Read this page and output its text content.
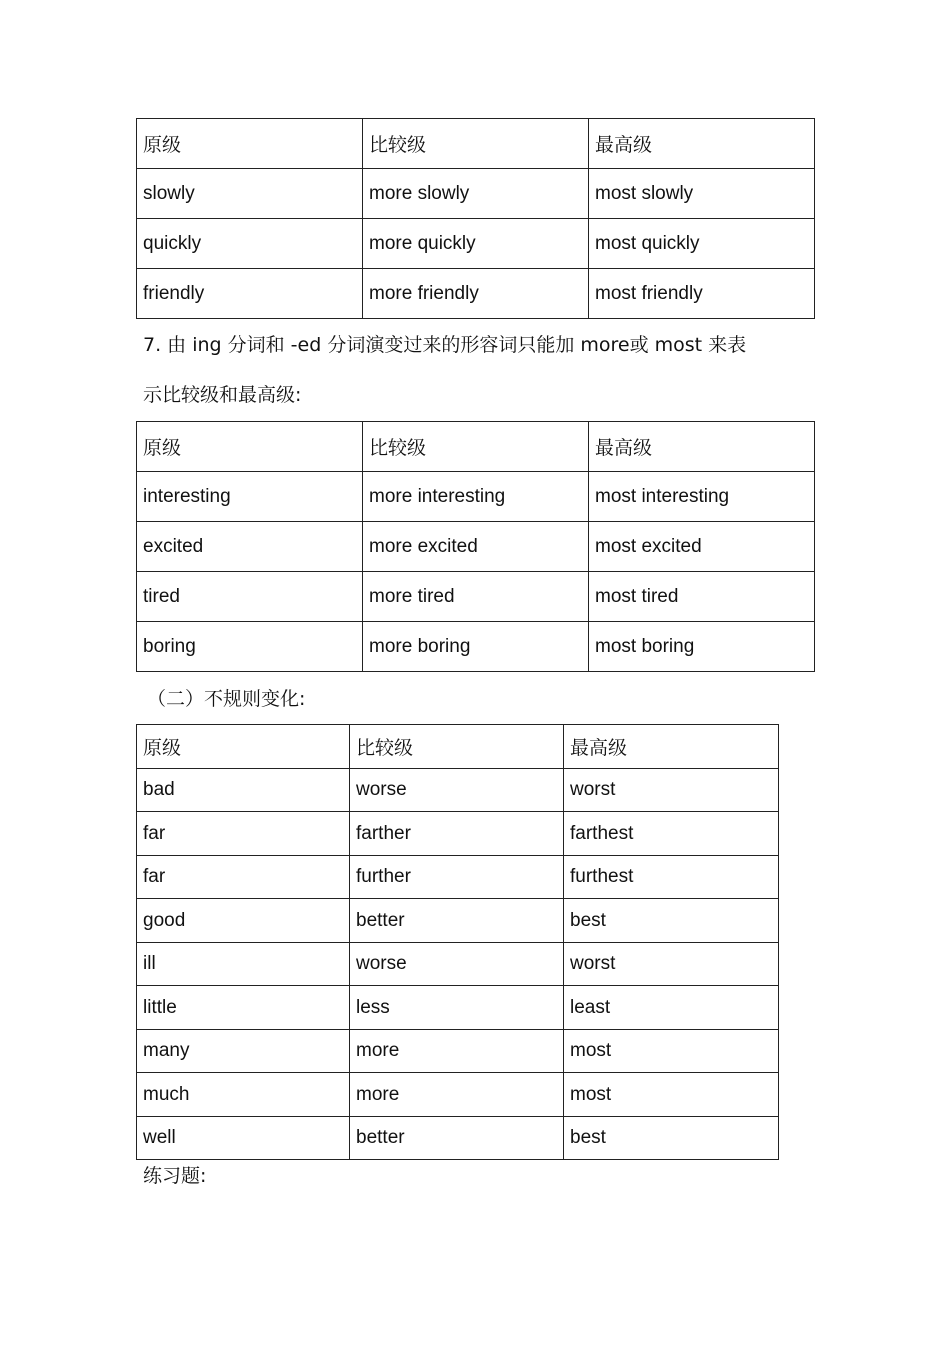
原级	比较级	最高级
slowly	more slowly	most slowly
quickly	more quickly	most quickly
friendly	more friendly	most friendly
7. 由 ing 分词和 -ed 分词演变过来的形容词只能加 more或 most 来表
示比较级和最高级:
原级	比较级	最高级
interesting	more interesting	most interesting
excited	more excited	most excited
tired	more tired	most tired
boring	more boring	most boring
（二）不规则变化:
原级	比较级	最高级
bad	worse	worst
far	farther	farthest
far	further	furthest
good	better	best
ill	worse	worst
little	less	least
many	more	most
much	more	most
well	better	best
练习题:
